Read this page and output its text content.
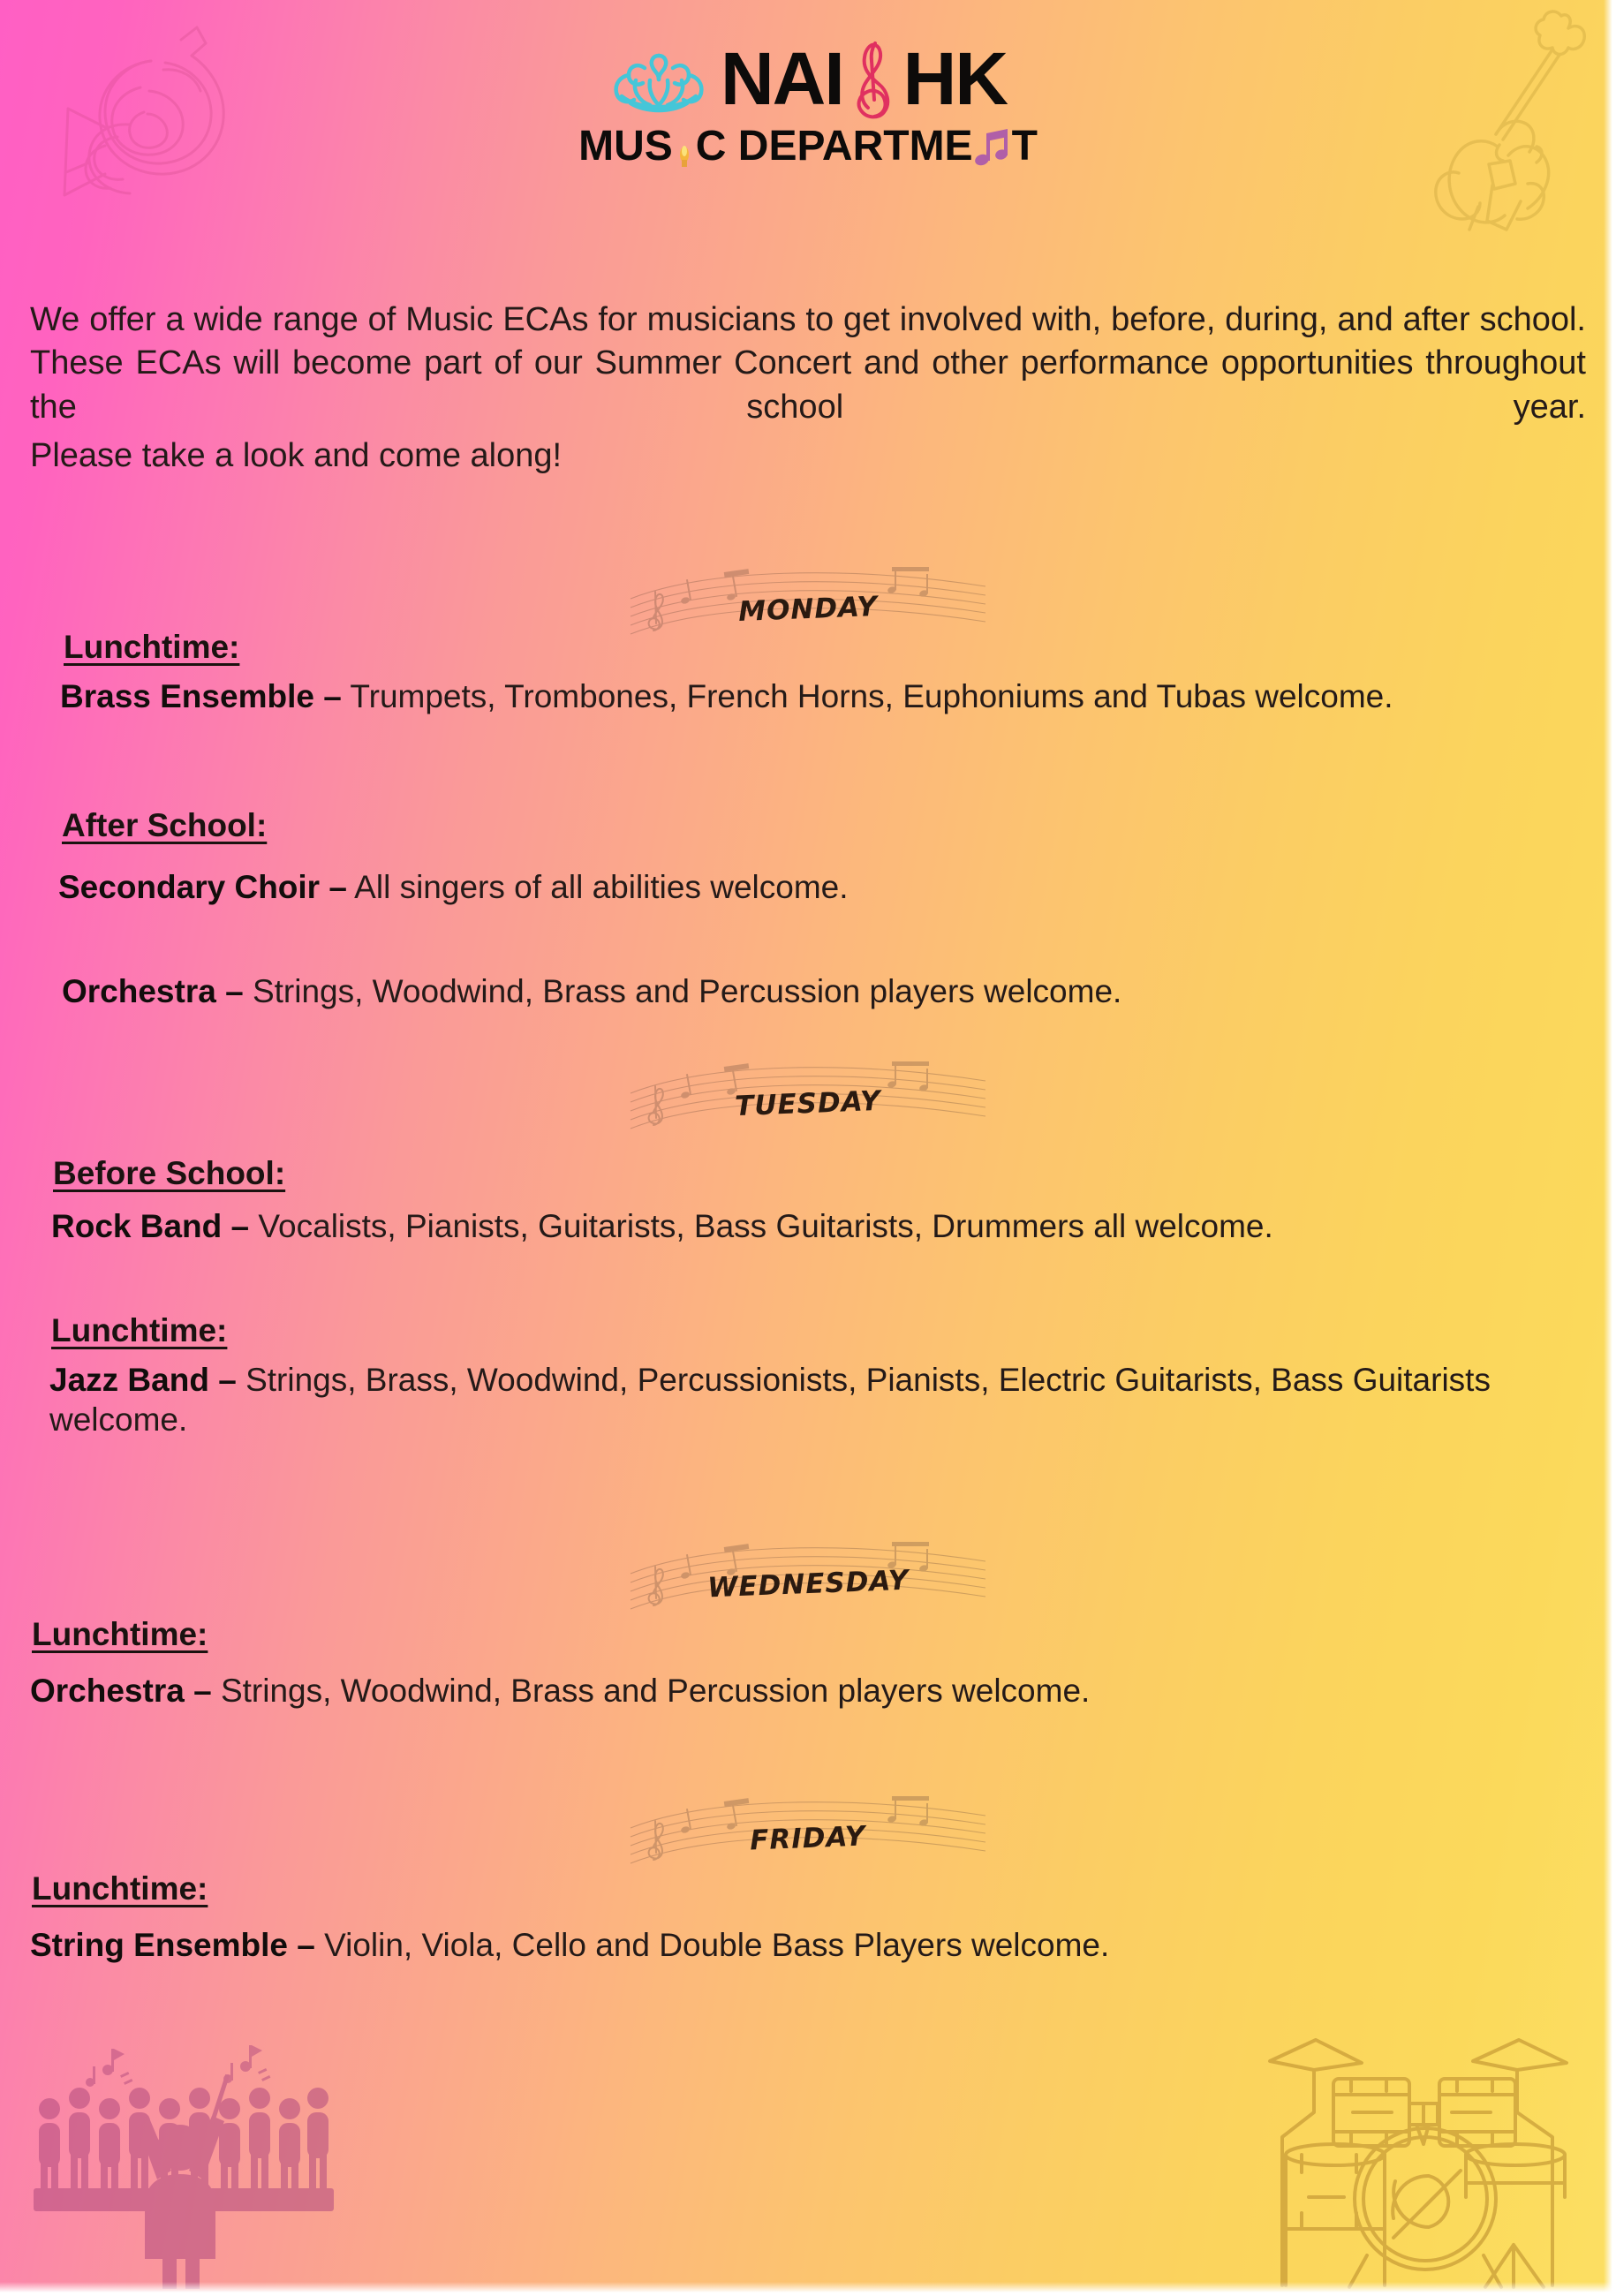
NAI HK
MUS C DEPARTME T
We offer a wide range of Music ECAs for musicians to get involved with, before, during, and after school. These ECAs will become part of our Summer Concert and other performance opportunities throughout the school year.
Please take a look and come along!
monday
Lunchtime:
Brass Ensemble – Trumpets, Trombones, French Horns, Euphoniums and Tubas welcome.
After School:
Secondary Choir – All singers of all abilities welcome.
Orchestra – Strings, Woodwind, Brass and Percussion players welcome.
tuesday
Before School:
Rock Band – Vocalists, Pianists, Guitarists, Bass Guitarists, Drummers all welcome.
Lunchtime:
Jazz Band – Strings, Brass, Woodwind, Percussionists, Pianists, Electric Guitarists, Bass Guitarists welcome.
wednesday
Lunchtime:
Orchestra – Strings, Woodwind, Brass and Percussion players welcome.
friday
Lunchtime:
String Ensemble – Violin, Viola, Cello and Double Bass Players welcome.
